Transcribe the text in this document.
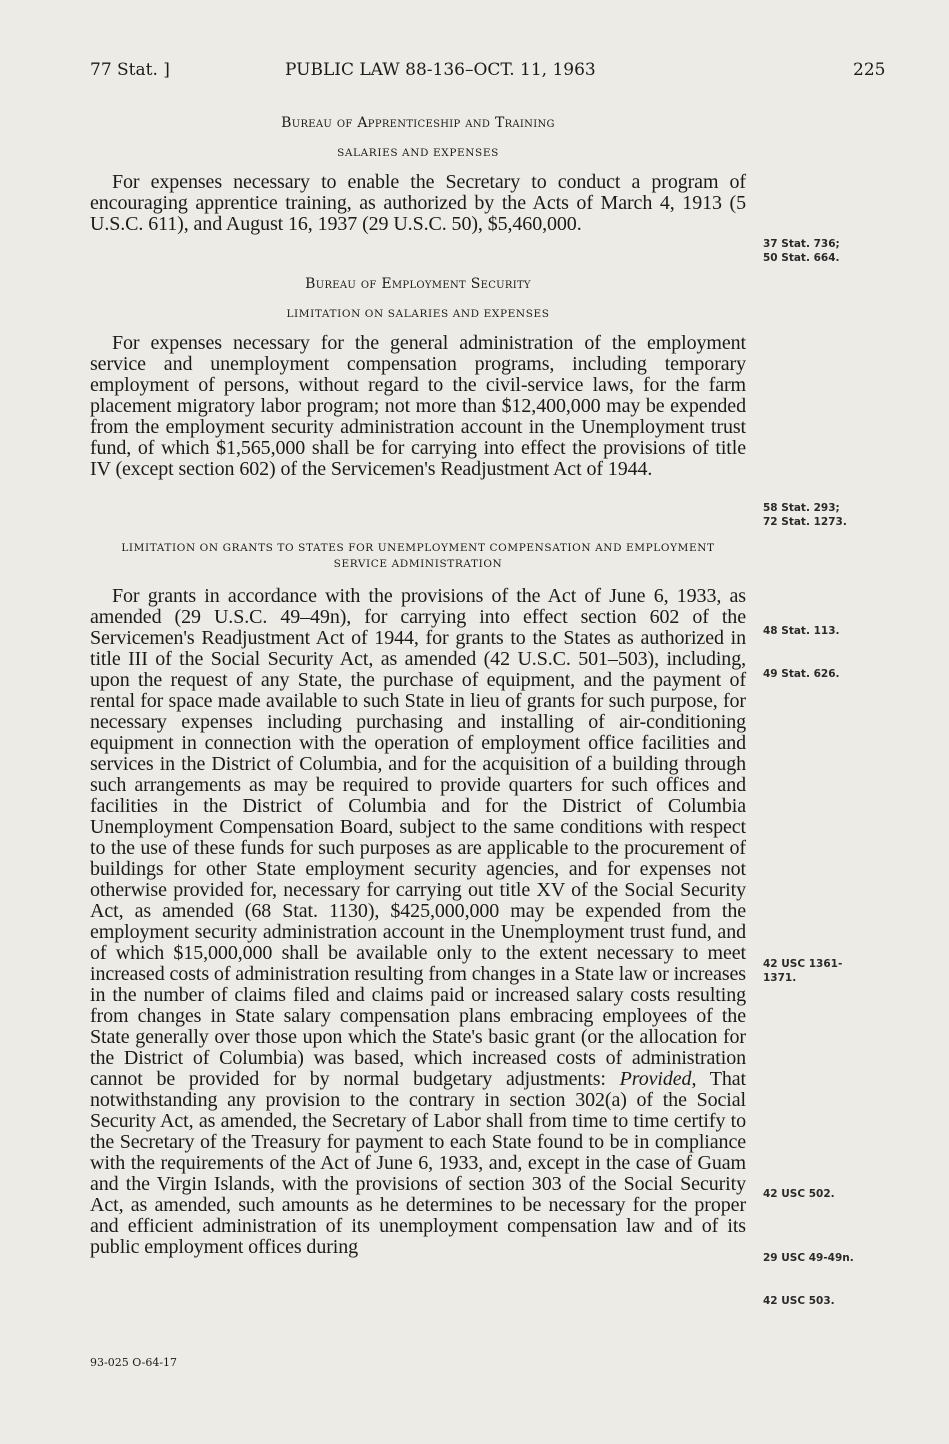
77 Stat. ]	PUBLIC LAW 88-136–OCT. 11, 1963	225

Bureau of Apprenticeship and Training

SALARIES AND EXPENSES

For expenses necessary to enable the Secretary to conduct a program of encouraging apprentice training, as authorized by the Acts of March 4, 1913 (5 U.S.C. 611), and August 16, 1937 (29 U.S.C. 50), $5,460,000.

Bureau of Employment Security

LIMITATION ON SALARIES AND EXPENSES

For expenses necessary for the general administration of the employment service and unemployment compensation programs, including temporary employment of persons, without regard to the civil-service laws, for the farm placement migratory labor program; not more than $12,400,000 may be expended from the employment security administration account in the Unemployment trust fund, of which $1,565,000 shall be for carrying into effect the provisions of title IV (except section 602) of the Servicemen's Readjustment Act of 1944.

LIMITATION ON GRANTS TO STATES FOR UNEMPLOYMENT COMPENSATION AND EMPLOYMENT SERVICE ADMINISTRATION

For grants in accordance with the provisions of the Act of June 6, 1933, as amended (29 U.S.C. 49–49n), for carrying into effect section 602 of the Servicemen's Readjustment Act of 1944, for grants to the States as authorized in title III of the Social Security Act, as amended (42 U.S.C. 501–503), including, upon the request of any State, the purchase of equipment, and the payment of rental for space made available to such State in lieu of grants for such purpose, for necessary expenses including purchasing and installing of air-conditioning equipment in connection with the operation of employment office facilities and services in the District of Columbia, and for the acquisition of a building through such arrangements as may be required to provide quarters for such offices and facilities in the District of Columbia and for the District of Columbia Unemployment Compensation Board, subject to the same conditions with respect to the use of these funds for such purposes as are applicable to the procurement of buildings for other State employment security agencies, and for expenses not otherwise provided for, necessary for carrying out title XV of the Social Security Act, as amended (68 Stat. 1130), $425,000,000 may be expended from the employment security administration account in the Unemployment trust fund, and of which $15,000,000 shall be available only to the extent necessary to meet increased costs of administration resulting from changes in a State law or increases in the number of claims filed and claims paid or increased salary costs resulting from changes in State salary compensation plans embracing employees of the State generally over those upon which the State's basic grant (or the allocation for the District of Columbia) was based, which increased costs of administration cannot be provided for by normal budgetary adjustments: Provided, That notwithstanding any provision to the contrary in section 302(a) of the Social Security Act, as amended, the Secretary of Labor shall from time to time certify to the Secretary of the Treasury for payment to each State found to be in compliance with the requirements of the Act of June 6, 1933, and, except in the case of Guam and the Virgin Islands, with the provisions of section 303 of the Social Security Act, as amended, such amounts as he determines to be necessary for the proper and efficient administration of its unemployment compensation law and of its public employment offices during

37 Stat. 736;
50 Stat. 664.
58 Stat. 293;
72 Stat. 1273.
48 Stat. 113.
49 Stat. 626.
42 USC 1361-
1371.
42 USC 502.
29 USC 49-49n.
42 USC 503.
93-025 O-64-17
